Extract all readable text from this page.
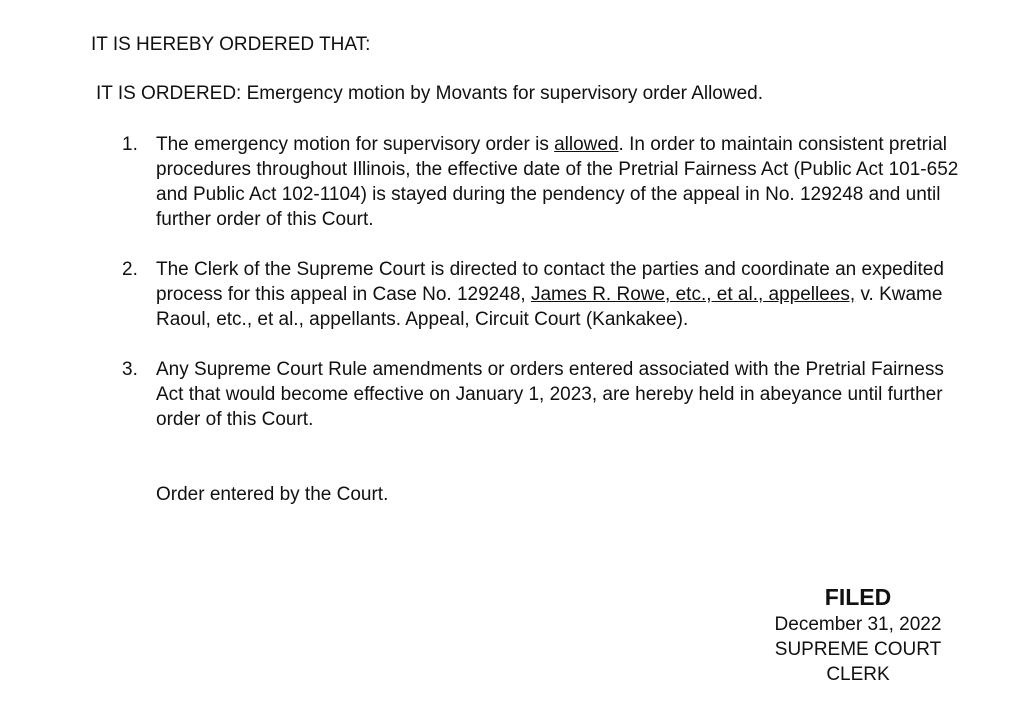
IT IS HEREBY ORDERED THAT:

IT IS ORDERED: Emergency motion by Movants for supervisory order Allowed.

1. The emergency motion for supervisory order is allowed. In order to maintain consistent pretrial procedures throughout Illinois, the effective date of the Pretrial Fairness Act (Public Act 101-652 and Public Act 102-1104) is stayed during the pendency of the appeal in No. 129248 and until further order of this Court.
2. The Clerk of the Supreme Court is directed to contact the parties and coordinate an expedited process for this appeal in Case No. 129248, James R. Rowe, etc., et al., appellees, v. Kwame Raoul, etc., et al., appellants. Appeal, Circuit Court (Kankakee).
3. Any Supreme Court Rule amendments or orders entered associated with the Pretrial Fairness Act that would become effective on January 1, 2023, are hereby held in abeyance until further order of this Court.

Order entered by the Court.

FILED
December 31, 2022
SUPREME COURT
CLERK
